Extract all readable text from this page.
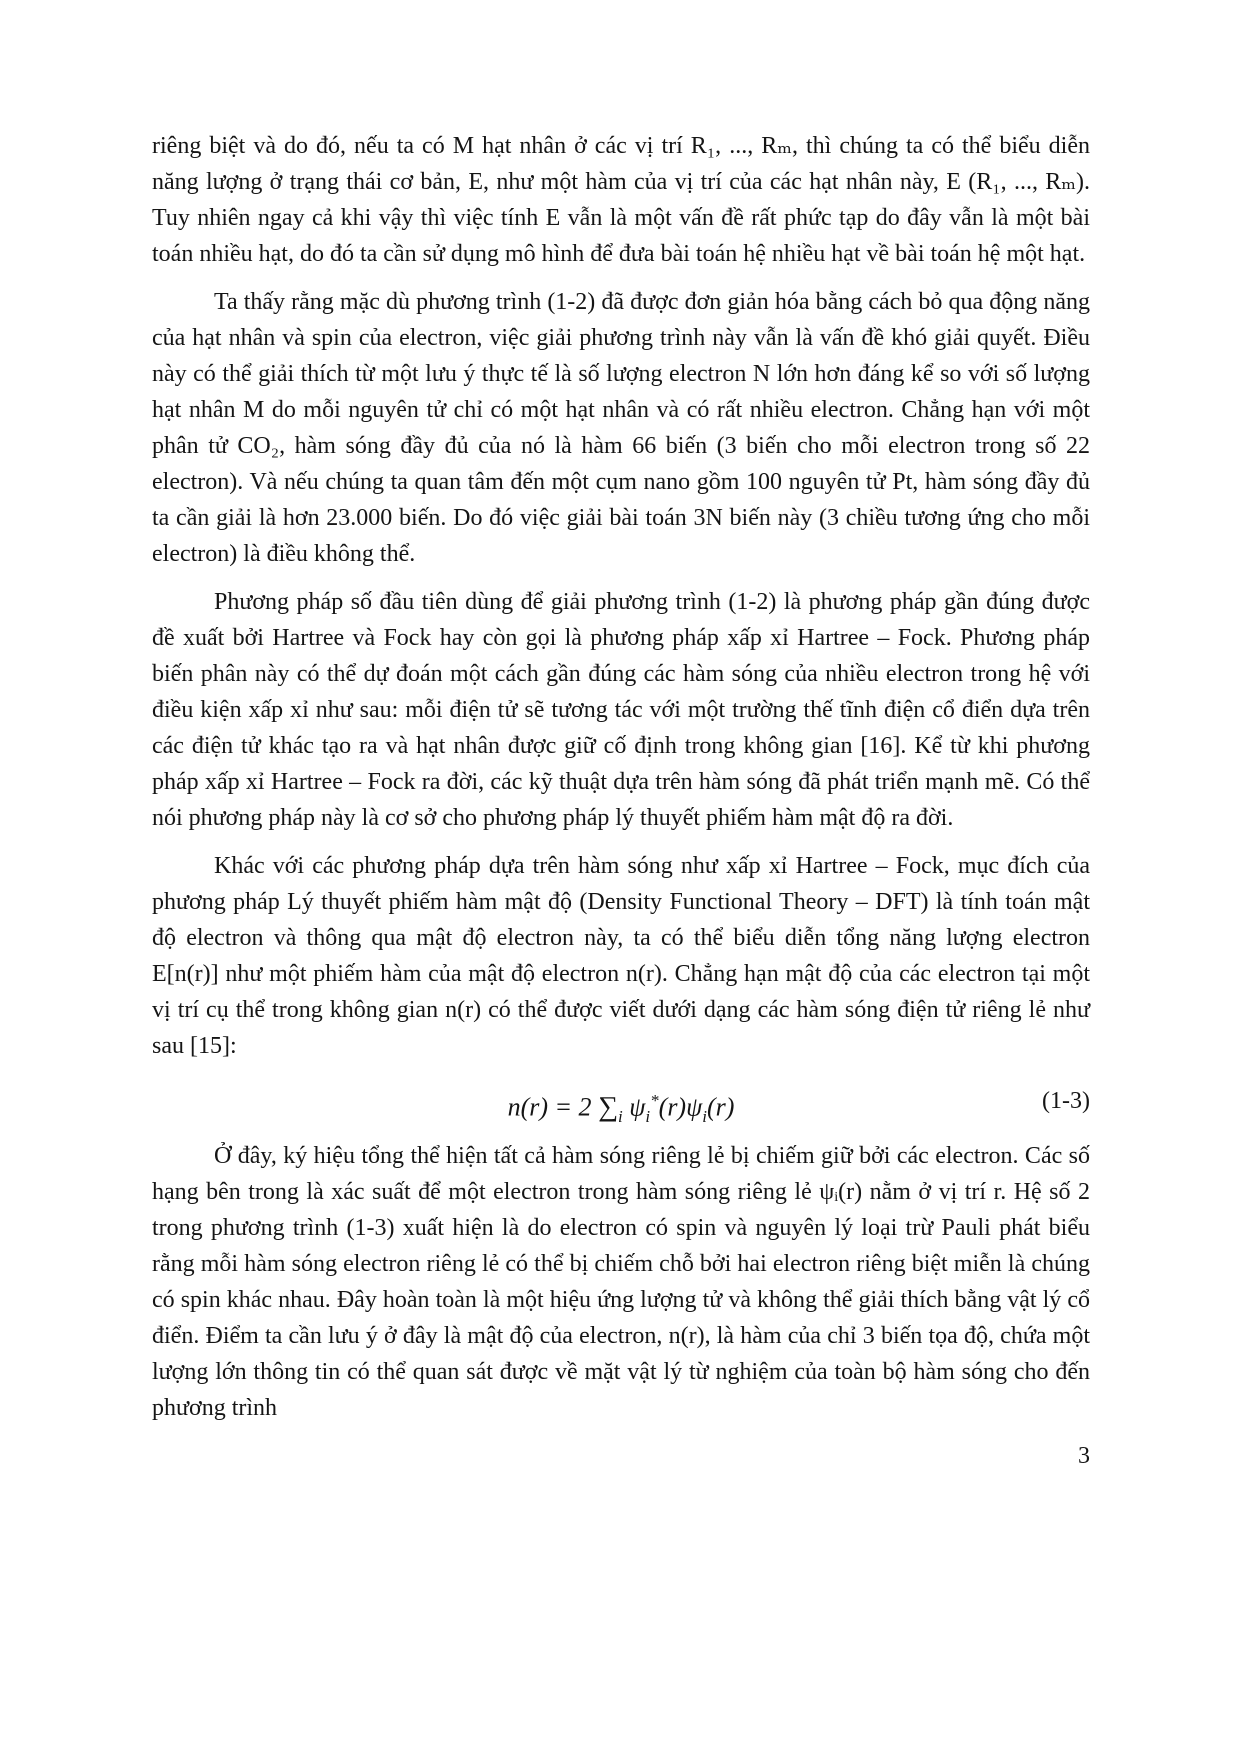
riêng biệt và do đó, nếu ta có M hạt nhân ở các vị trí R₁, ..., Rₘ, thì chúng ta có thể biểu diễn năng lượng ở trạng thái cơ bản, E, như một hàm của vị trí của các hạt nhân này, E (R₁, ..., Rₘ). Tuy nhiên ngay cả khi vậy thì việc tính E vẫn là một vấn đề rất phức tạp do đây vẫn là một bài toán nhiều hạt, do đó ta cần sử dụng mô hình để đưa bài toán hệ nhiều hạt về bài toán hệ một hạt.

Ta thấy rằng mặc dù phương trình (1-2) đã được đơn giản hóa bằng cách bỏ qua động năng của hạt nhân và spin của electron, việc giải phương trình này vẫn là vấn đề khó giải quyết. Điều này có thể giải thích từ một lưu ý thực tế là số lượng electron N lớn hơn đáng kể so với số lượng hạt nhân M do mỗi nguyên tử chỉ có một hạt nhân và có rất nhiều electron. Chẳng hạn với một phân tử CO₂, hàm sóng đầy đủ của nó là hàm 66 biến (3 biến cho mỗi electron trong số 22 electron). Và nếu chúng ta quan tâm đến một cụm nano gồm 100 nguyên tử Pt, hàm sóng đầy đủ ta cần giải là hơn 23.000 biến. Do đó việc giải bài toán 3N biến này (3 chiều tương ứng cho mỗi electron) là điều không thể.

Phương pháp số đầu tiên dùng để giải phương trình (1-2) là phương pháp gần đúng được đề xuất bởi Hartree và Fock hay còn gọi là phương pháp xấp xỉ Hartree – Fock. Phương pháp biến phân này có thể dự đoán một cách gần đúng các hàm sóng của nhiều electron trong hệ với điều kiện xấp xỉ như sau: mỗi điện tử sẽ tương tác với một trường thế tĩnh điện cổ điển dựa trên các điện tử khác tạo ra và hạt nhân được giữ cố định trong không gian [16]. Kể từ khi phương pháp xấp xỉ Hartree – Fock ra đời, các kỹ thuật dựa trên hàm sóng đã phát triển mạnh mẽ. Có thể nói phương pháp này là cơ sở cho phương pháp lý thuyết phiếm hàm mật độ ra đời.

Khác với các phương pháp dựa trên hàm sóng như xấp xỉ Hartree – Fock, mục đích của phương pháp Lý thuyết phiếm hàm mật độ (Density Functional Theory – DFT) là tính toán mật độ electron và thông qua mật độ electron này, ta có thể biểu diễn tổng năng lượng electron E[n(r)] như một phiếm hàm của mật độ electron n(r). Chẳng hạn mật độ của các electron tại một vị trí cụ thể trong không gian n(r) có thể được viết dưới dạng các hàm sóng điện tử riêng lẻ như sau [15]:

n(r) = 2 $\sum_i$ $\psi_i^*(r)\psi_i(r)$	(1-3)

Ở đây, ký hiệu tổng thể hiện tất cả hàm sóng riêng lẻ bị chiếm giữ bởi các electron. Các số hạng bên trong là xác suất để một electron trong hàm sóng riêng lẻ ψᵢ(r) nằm ở vị trí r. Hệ số 2 trong phương trình (1-3) xuất hiện là do electron có spin và nguyên lý loại trừ Pauli phát biểu rằng mỗi hàm sóng electron riêng lẻ có thể bị chiếm chỗ bởi hai electron riêng biệt miễn là chúng có spin khác nhau. Đây hoàn toàn là một hiệu ứng lượng tử và không thể giải thích bằng vật lý cổ điển. Điểm ta cần lưu ý ở đây là mật độ của electron, n(r), là hàm của chỉ 3 biến tọa độ, chứa một lượng lớn thông tin có thể quan sát được về mặt vật lý từ nghiệm của toàn bộ hàm sóng cho đến phương trình

3
